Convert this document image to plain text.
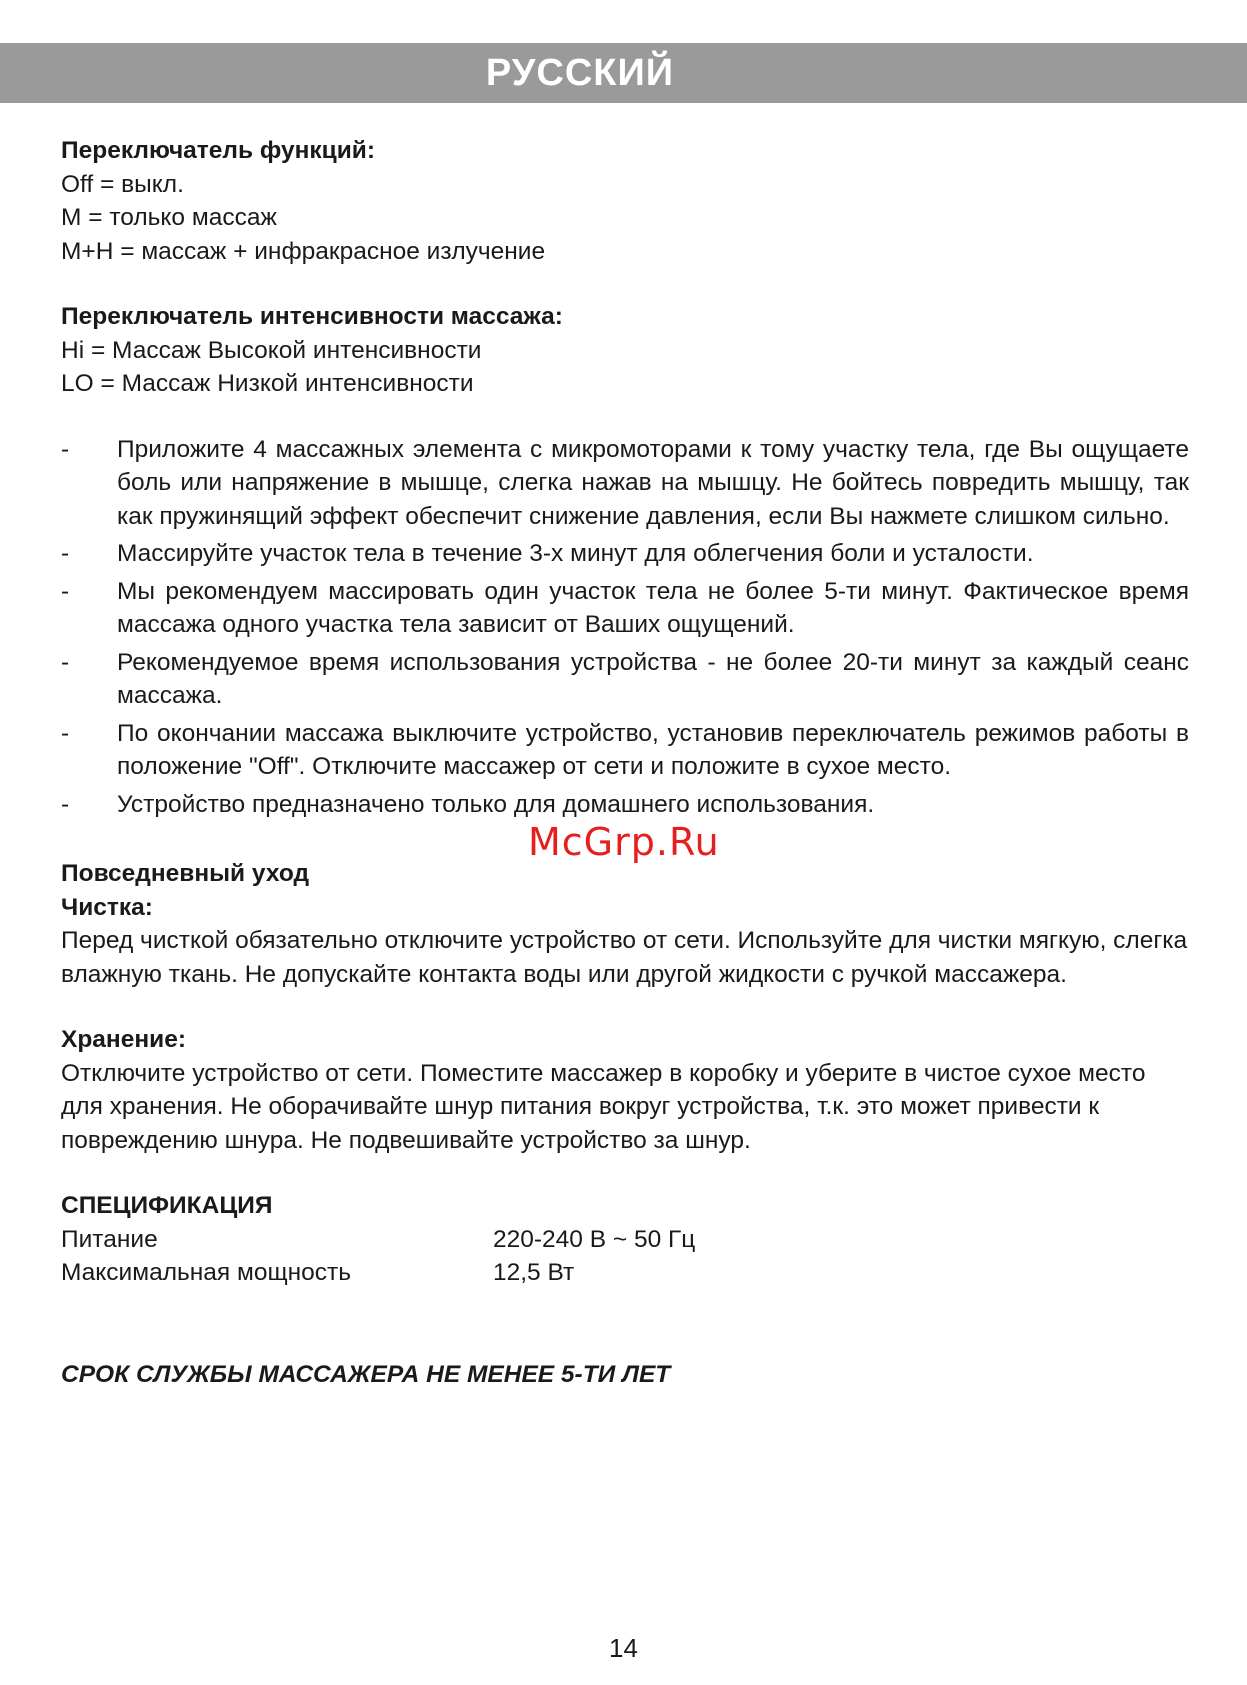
РУССКИЙ
Переключатель функций:
Off = выкл.
M = только массаж
M+H = массаж + инфракрасное излучение
Переключатель интенсивности массажа:
Hi = Массаж Высокой интенсивности
LO = Массаж Низкой интенсивности
-	Приложите 4 массажных элемента с микромоторами к тому участку тела, где Вы ощущаете боль или напряжение в мышце, слегка нажав на мышцу. Не бойтесь повредить мышцу, так как пружинящий эффект обеспечит снижение давления, если Вы нажмете слишком сильно.
-	Массируйте участок тела в течение 3-х минут для облегчения боли и усталости.
-	Мы рекомендуем массировать один участок тела не более 5-ти минут. Фактическое время массажа одного участка тела зависит от Ваших ощущений.
-	Рекомендуемое время использования устройства - не более 20-ти минут за каждый сеанс массажа.
-	По окончании массажа выключите устройство, установив переключатель режимов работы в положение "Off". Отключите массажер от сети и положите в сухое место.
-	Устройство предназначено только для домашнего использования.
Повседневный уход
Чистка:
Перед чисткой обязательно отключите устройство от сети. Используйте для чистки мягкую, слегка влажную ткань. Не допускайте контакта воды или другой жидкости с ручкой массажера.
Хранение:
Отключите устройство от сети. Поместите массажер в коробку и уберите в чистое сухое место для хранения. Не оборачивайте шнур питания вокруг устройства, т.к. это может привести к повреждению шнура. Не подвешивайте устройство за шнур.
СПЕЦИФИКАЦИЯ
Питание	220-240 В ~ 50 Гц
Максимальная мощность	12,5 Вт
СРОК СЛУЖБЫ МАССАЖЕРА НЕ МЕНЕЕ 5-ТИ ЛЕТ
McGrp.Ru
14
